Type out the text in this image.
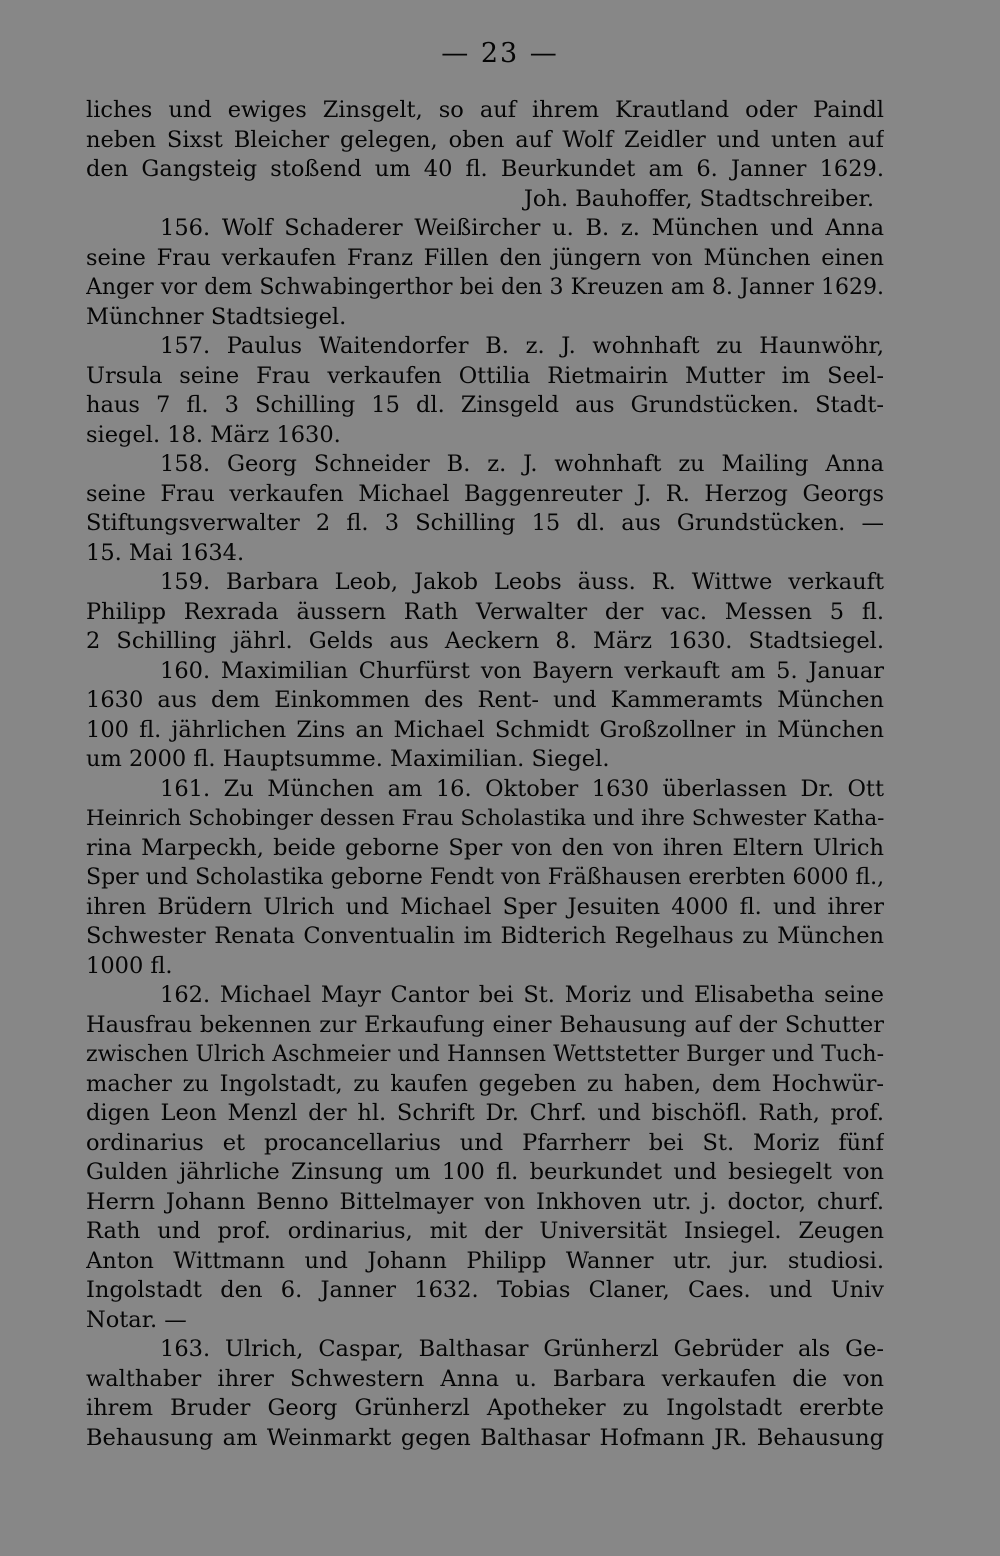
— 23 —
liches und ewiges Zinsgelt, so auf ihrem Krautland oder Paindl
neben Sixst Bleicher gelegen, oben auf Wolf Zeidler und unten auf
den Gangsteig stoßend um 40 fl. Beurkundet am 6. Janner 1629.
Joh. Bauhoffer, Stadtschreiber.
156. Wolf Schaderer Weißircher u. B. z. München und Anna
seine Frau verkaufen Franz Fillen den jüngern von München einen
Anger vor dem Schwabingerthor bei den 3 Kreuzen am 8. Janner 1629.
Münchner Stadtsiegel.
157. Paulus Waitendorfer B. z. J. wohnhaft zu Haunwöhr,
Ursula seine Frau verkaufen Ottilia Rietmairin Mutter im Seel-
haus 7 fl. 3 Schilling 15 dl. Zinsgeld aus Grundstücken. Stadt-
siegel. 18. März 1630.
158. Georg Schneider B. z. J. wohnhaft zu Mailing Anna
seine Frau verkaufen Michael Baggenreuter J. R. Herzog Georgs
Stiftungsverwalter 2 fl. 3 Schilling 15 dl. aus Grundstücken. —
15. Mai 1634.
159. Barbara Leob, Jakob Leobs äuss. R. Wittwe verkauft
Philipp Rexrada äussern Rath Verwalter der vac. Messen 5 fl.
2 Schilling jährl. Gelds aus Aeckern 8. März 1630. Stadtsiegel.
160. Maximilian Churfürst von Bayern verkauft am 5. Januar
1630 aus dem Einkommen des Rent- und Kammeramts München
100 fl. jährlichen Zins an Michael Schmidt Großzollner in München
um 2000 fl. Hauptsumme. Maximilian. Siegel.
161. Zu München am 16. Oktober 1630 überlassen Dr. Ott
Heinrich Schobinger dessen Frau Scholastika und ihre Schwester Katha-
rina Marpeckh, beide geborne Sper von den von ihren Eltern Ulrich
Sper und Scholastika geborne Fendt von Fräßhausen ererbten 6000 fl.,
ihren Brüdern Ulrich und Michael Sper Jesuiten 4000 fl. und ihrer
Schwester Renata Conventualin im Bidterich Regelhaus zu München
1000 fl.
162. Michael Mayr Cantor bei St. Moriz und Elisabetha seine
Hausfrau bekennen zur Erkaufung einer Behausung auf der Schutter
zwischen Ulrich Aschmeier und Hannsen Wettstetter Burger und Tuch-
macher zu Ingolstadt, zu kaufen gegeben zu haben, dem Hochwür-
digen Leon Menzl der hl. Schrift Dr. Chrf. und bischöfl. Rath, prof.
ordinarius et procancellarius und Pfarrherr bei St. Moriz fünf
Gulden jährliche Zinsung um 100 fl. beurkundet und besiegelt von
Herrn Johann Benno Bittelmayer von Inkhoven utr. j. doctor, churf.
Rath und prof. ordinarius, mit der Universität Insiegel. Zeugen
Anton Wittmann und Johann Philipp Wanner utr. jur. studiosi.
Ingolstadt den 6. Janner 1632. Tobias Claner, Caes. und Univ
Notar. —
163. Ulrich, Caspar, Balthasar Grünherzl Gebrüder als Ge-
walthaber ihrer Schwestern Anna u. Barbara verkaufen die von
ihrem Bruder Georg Grünherzl Apotheker zu Ingolstadt ererbte
Behausung am Weinmarkt gegen Balthasar Hofmann JR. Behausung
